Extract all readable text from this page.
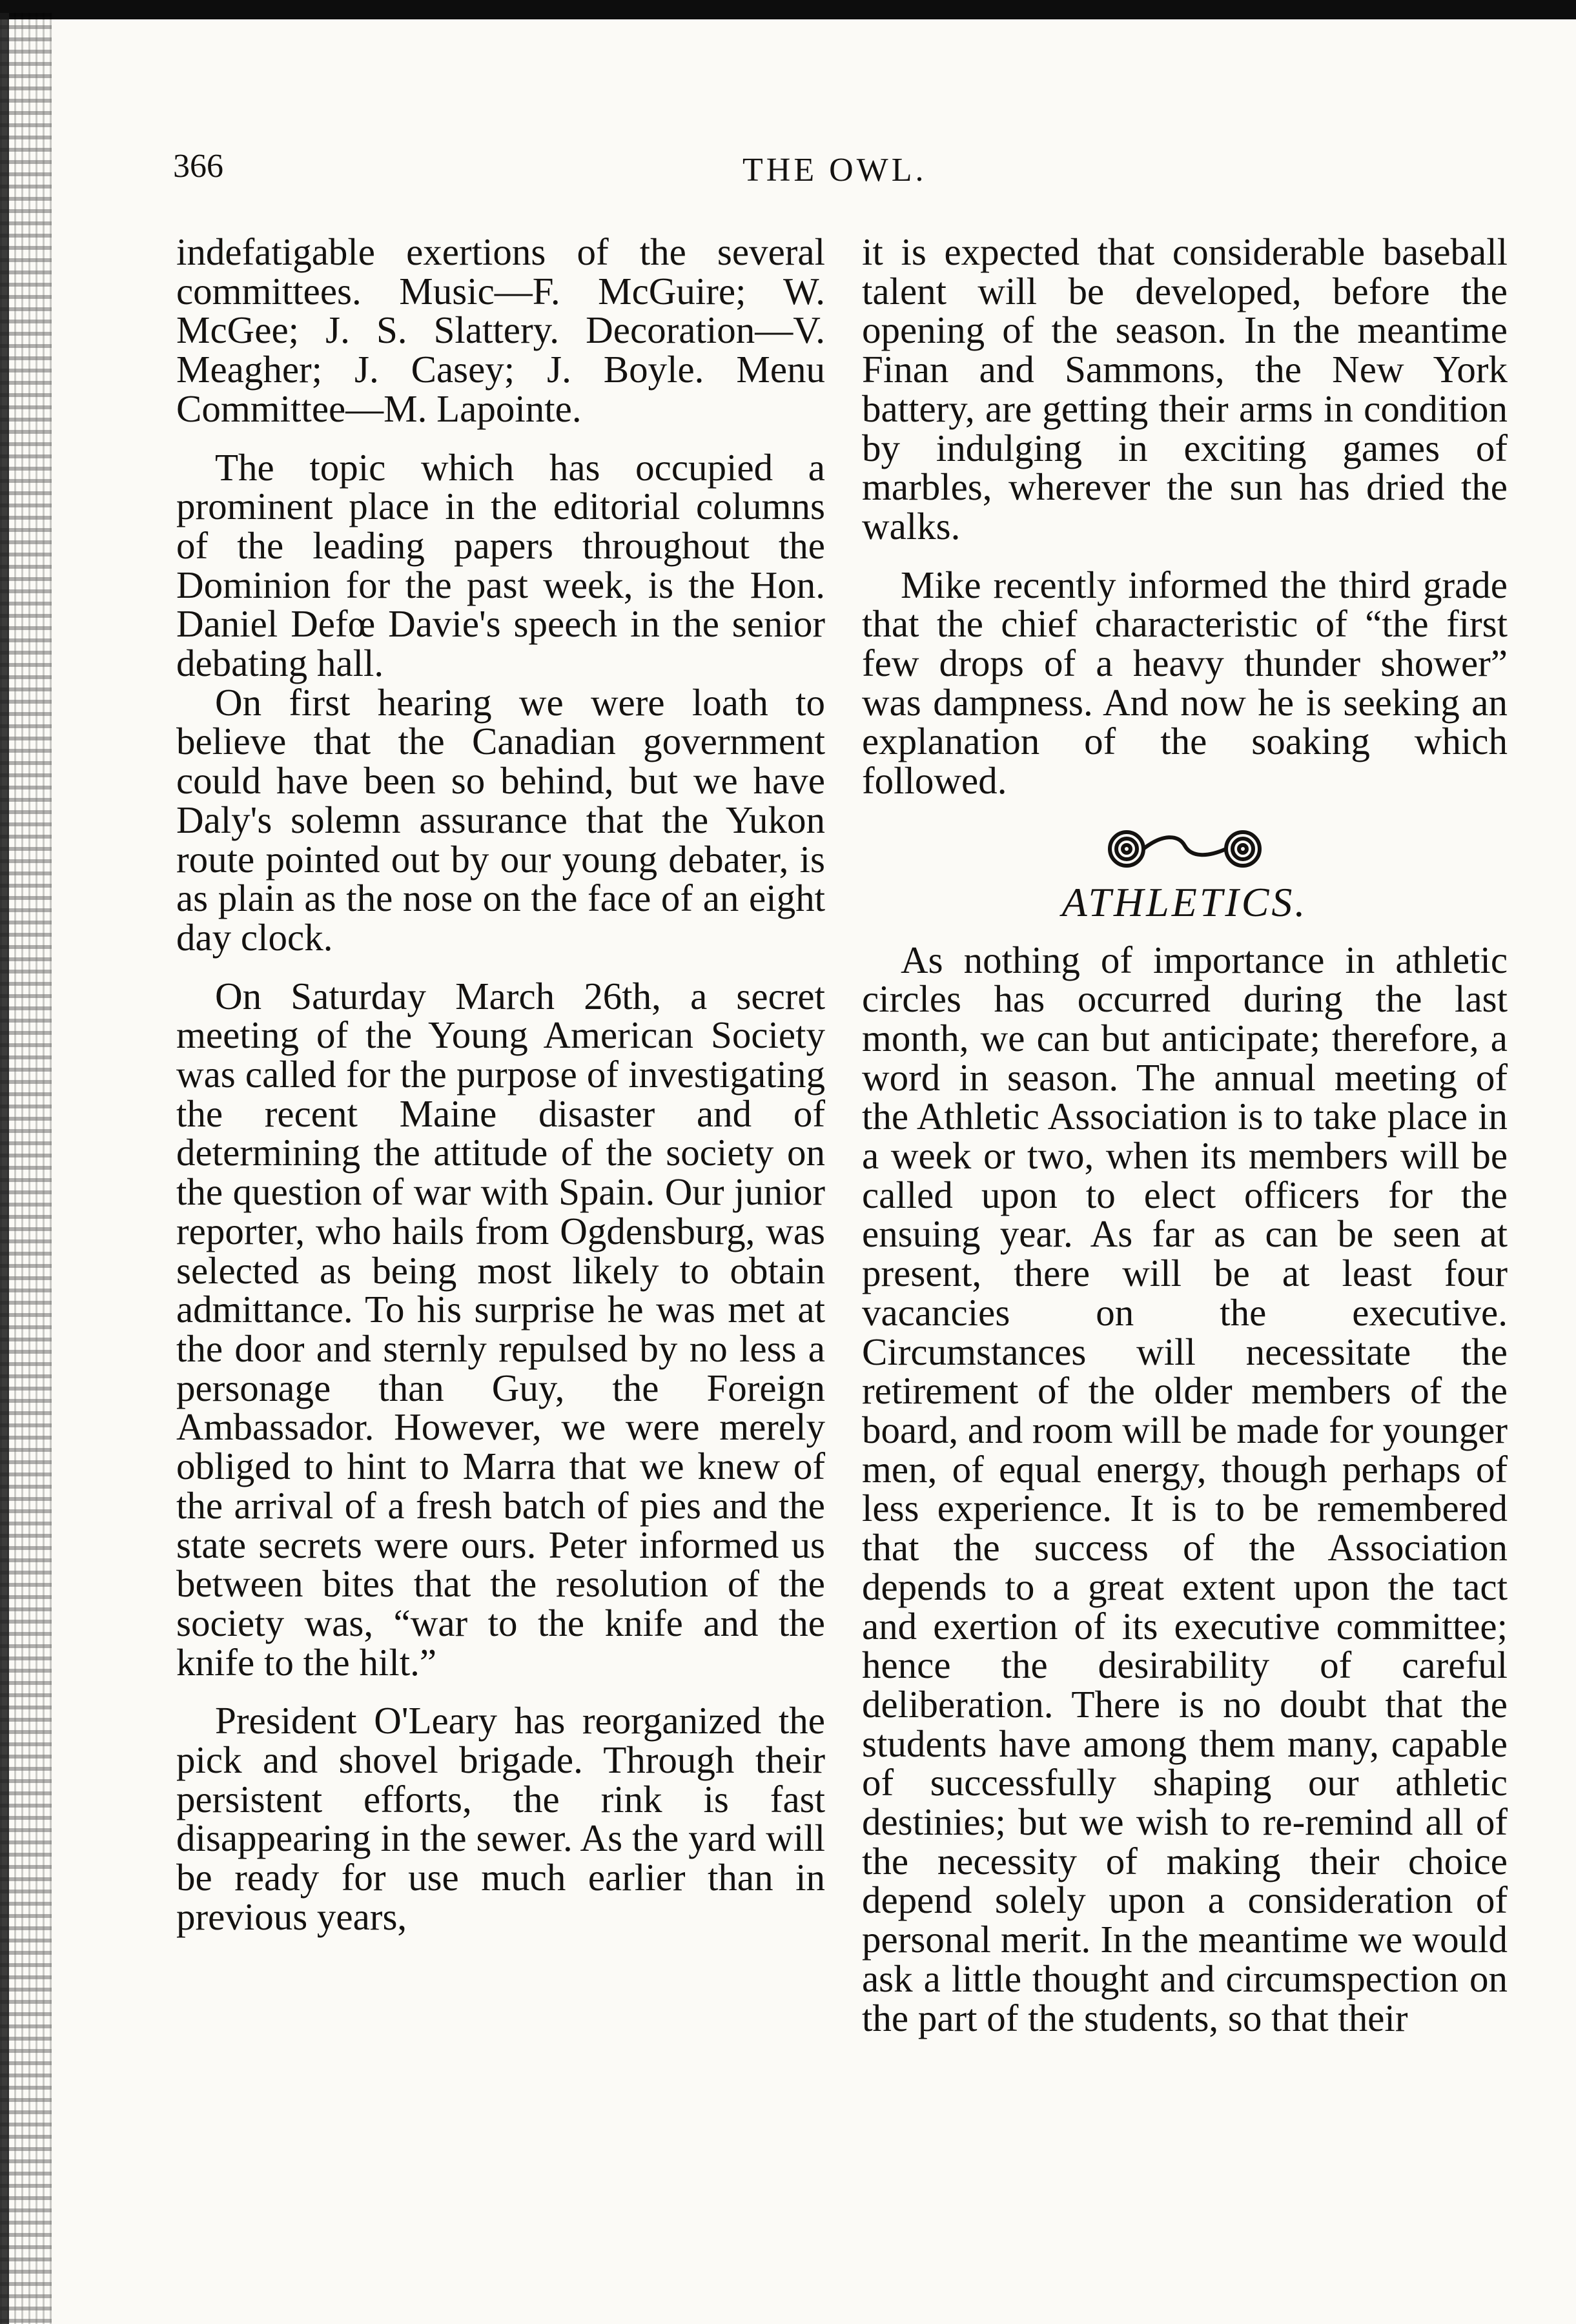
366	THE OWL.

indefatigable exertions of the several committees. Music—F. McGuire; W. McGee; J. S. Slattery. Decoration—V. Meagher; J. Casey; J. Boyle. Menu Committee—M. Lapointe.

The topic which has occupied a prominent place in the editorial columns of the leading papers throughout the Dominion for the past week, is the Hon. Daniel Defœ Davie's speech in the senior debating hall.

On first hearing we were loath to believe that the Canadian government could have been so behind, but we have Daly's solemn assurance that the Yukon route pointed out by our young debater, is as plain as the nose on the face of an eight day clock.

On Saturday March 26th, a secret meeting of the Young American Society was called for the purpose of investigating the recent Maine disaster and of determining the attitude of the society on the question of war with Spain. Our junior reporter, who hails from Ogdensburg, was selected as being most likely to obtain admittance. To his surprise he was met at the door and sternly repulsed by no less a personage than Guy, the Foreign Ambassador. However, we were merely obliged to hint to Marra that we knew of the arrival of a fresh batch of pies and the state secrets were ours. Peter informed us between bites that the resolution of the society was, “war to the knife and the knife to the hilt.”

President O'Leary has reorganized the pick and shovel brigade. Through their persistent efforts, the rink is fast disappearing in the sewer. As the yard will be ready for use much earlier than in previous years,

it is expected that considerable baseball talent will be developed, before the opening of the season. In the meantime Finan and Sammons, the New York battery, are getting their arms in condition by indulging in exciting games of marbles, wherever the sun has dried the walks.

Mike recently informed the third grade that the chief characteristic of “the first few drops of a heavy thunder shower” was dampness. And now he is seeking an explanation of the soaking which followed.

ATHLETICS.

As nothing of importance in athletic circles has occurred during the last month, we can but anticipate; therefore, a word in season. The annual meeting of the Athletic Association is to take place in a week or two, when its members will be called upon to elect officers for the ensuing year. As far as can be seen at present, there will be at least four vacancies on the executive. Circumstances will necessitate the retirement of the older members of the board, and room will be made for younger men, of equal energy, though perhaps of less experience. It is to be remembered that the success of the Association depends to a great extent upon the tact and exertion of its executive committee; hence the desirability of careful deliberation. There is no doubt that the students have among them many, capable of successfully shaping our athletic destinies; but we wish to re-remind all of the necessity of making their choice depend solely upon a consideration of personal merit. In the meantime we would ask a little thought and circumspection on the part of the students, so that their
